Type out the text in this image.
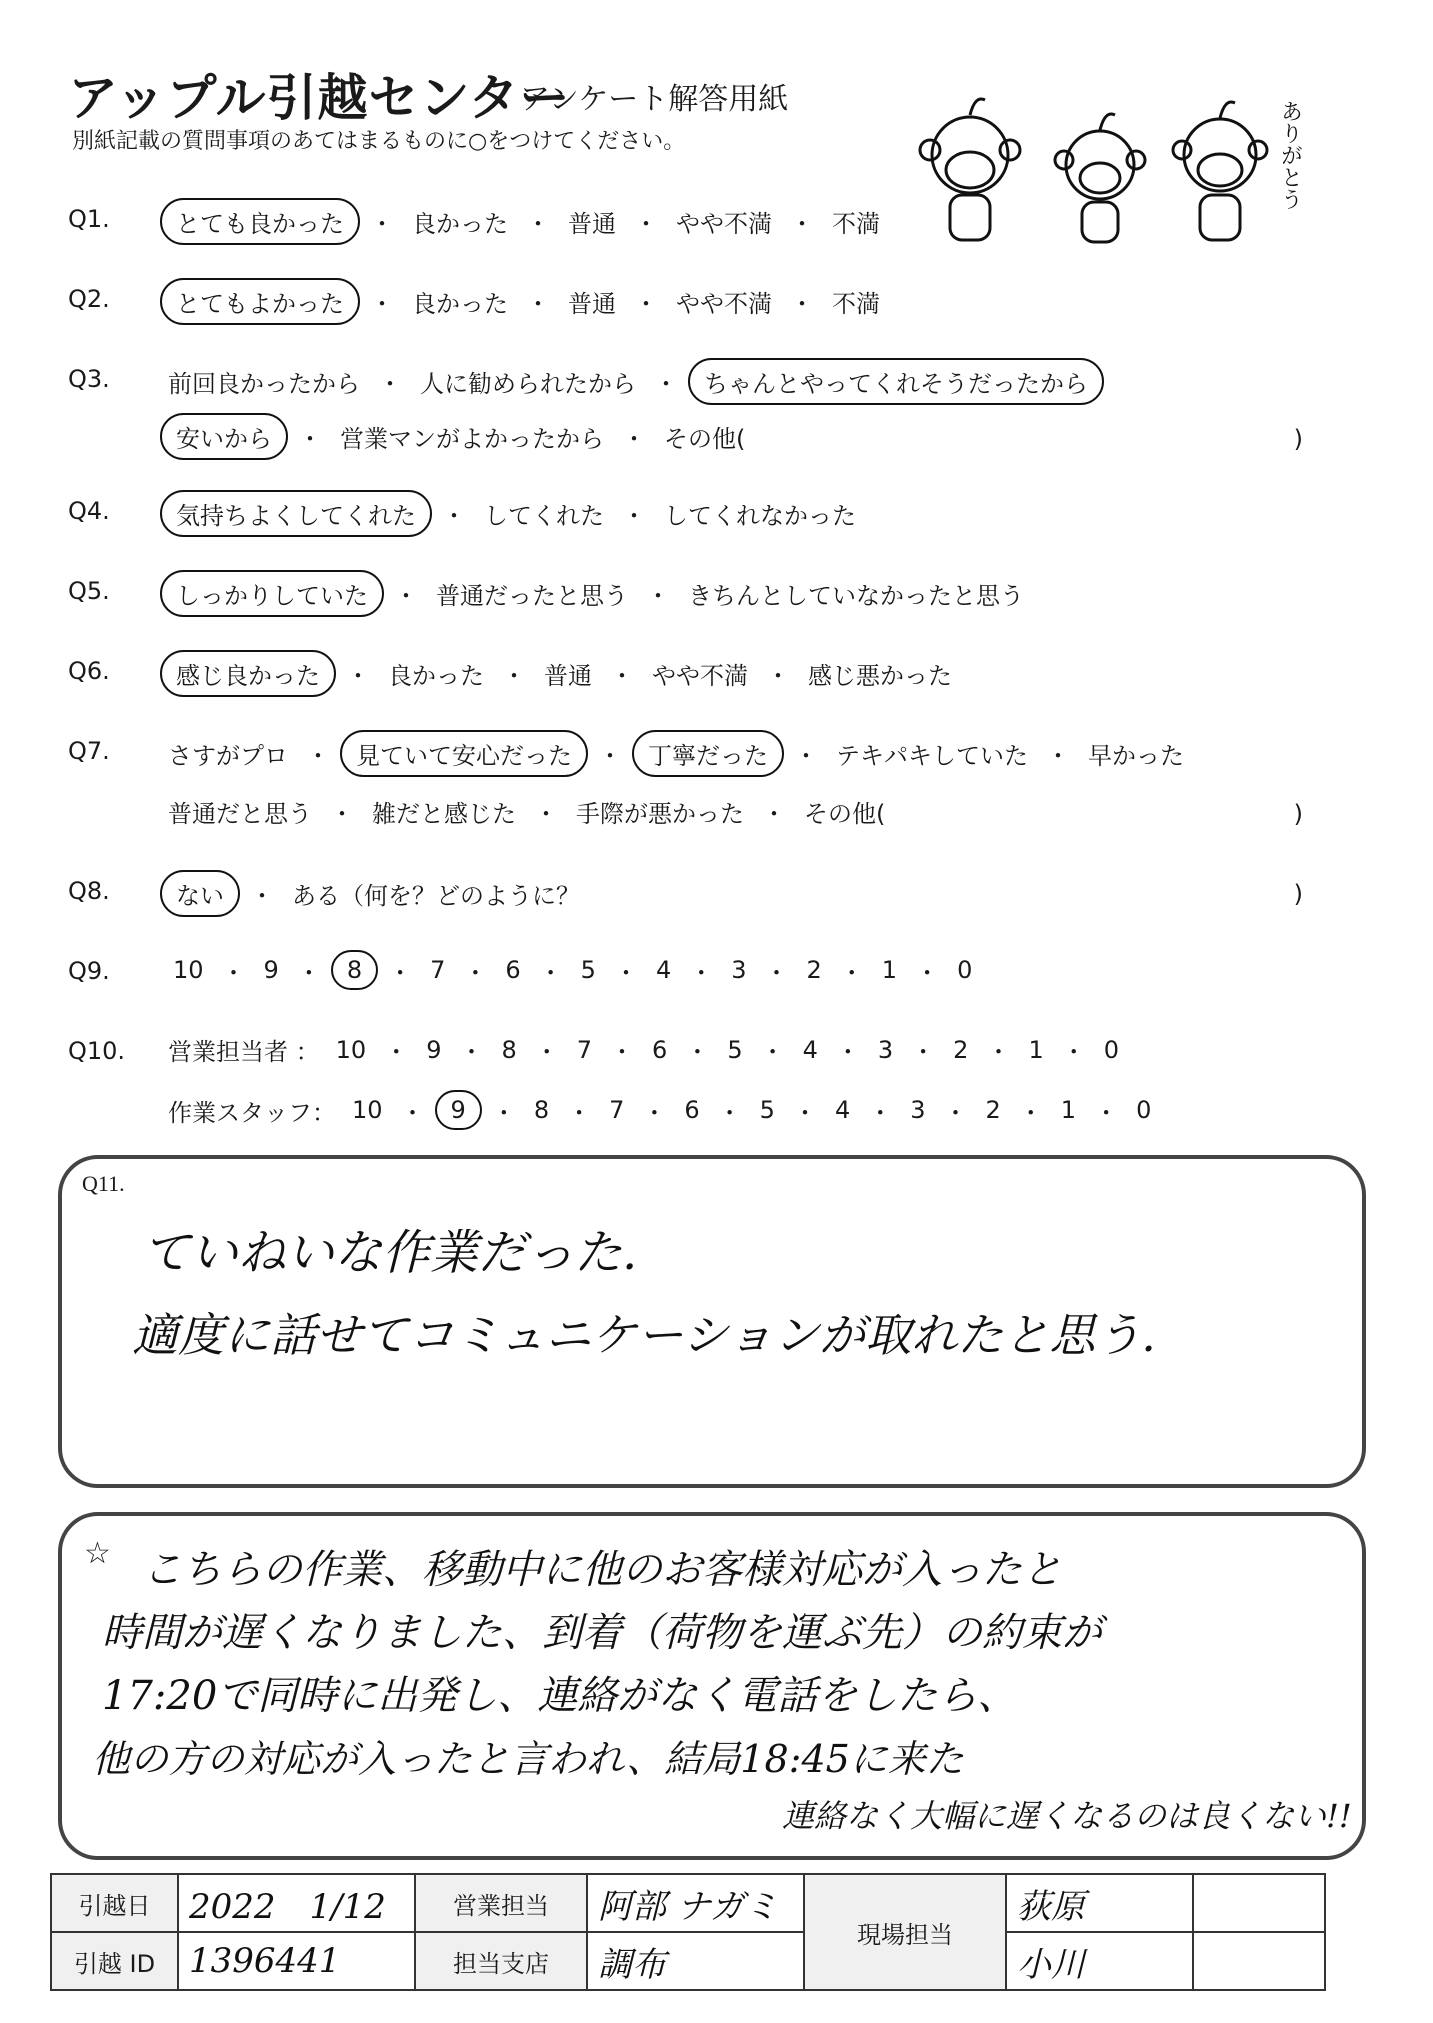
アップル引越センター
アンケート解答用紙
別紙記載の質問事項のあてはまるものに○をつけてください。	ありがとう
Q1.	とても良かった	・ 良かった ・ 普通 ・ やや不満 ・ 不満
Q2.	とてもよかった	・ 良かった ・ 普通 ・ やや不満 ・ 不満
Q3.	前回良かったから ・ 人に勧められたから ・	ちゃんとやってくれそうだったから
安いから	・ 営業マンがよかったから ・ その他(	)
Q4.	気持ちよくしてくれた	・ してくれた ・ してくれなかった
Q5.	しっかりしていた	・ 普通だったと思う ・ きちんとしていなかったと思う
Q6.	感じ良かった	・ 良かった ・ 普通 ・ やや不満 ・ 感じ悪かった
Q7.	さすがプロ ・	見ていて安心だった	・	丁寧だった	・ テキパキしていた ・ 早かった
普通だと思う ・ 雑だと感じた ・ 手際が悪かった ・ その他(	)
Q8.	ない	・ ある（何を？どのように？	)
Q9.	10 ・ 9 ・	8	・ 7 ・ 6 ・ 5 ・ 4 ・ 3 ・ 2 ・ 1 ・ 0
Q10.	営業担当者 ： 10 ・ 9 ・ 8 ・ 7 ・ 6 ・ 5 ・ 4 ・ 3 ・ 2 ・ 1 ・ 0
作業スタッフ： 10 ・	9	・ 8 ・ 7 ・ 6 ・ 5 ・ 4 ・ 3 ・ 2 ・ 1 ・ 0
Q11.
ていねいな作業だった.
適度に話せてコミュニケーションが取れたと思う.
☆ こちらの作業、移動中に他のお客様対応が入ったと
時間が遅くなりました、到着（荷物を運ぶ先）の約束が
17:20で同時に出発し、連絡がなく電話をしたら、
他の方の対応が入ったと言われ、結局18:45に来た
連絡なく大幅に遅くなるのは良くない!!
引越日	2022　1/12	営業担当	阿部 ナガミ	現場担当	荻原	
引越 ID	1396441	担当支店	調布		小川	
